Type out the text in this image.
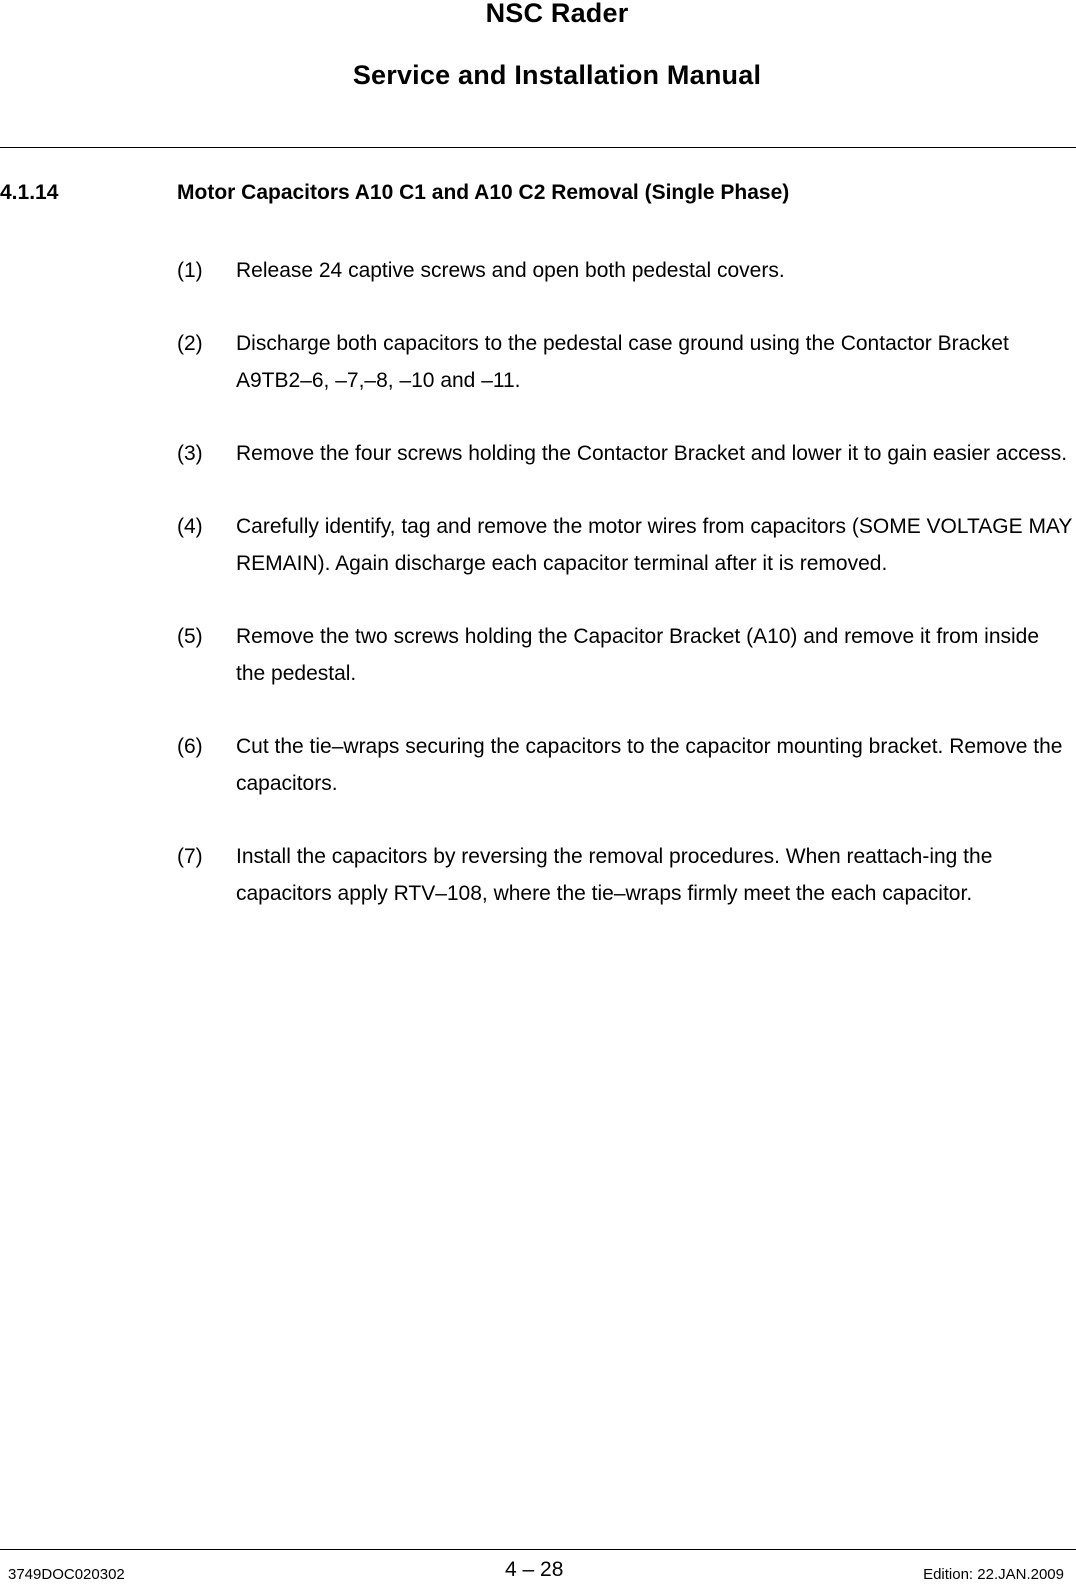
NSC Rader
Service and Installation Manual
4.1.14	Motor Capacitors A10 C1 and A10 C2 Removal (Single Phase)
(1) Release 24 captive screws and open both pedestal covers.
(2) Discharge both capacitors to the pedestal case ground using the Contactor Bracket A9TB2–6, –7,–8, –10 and –11.
(3) Remove the four screws holding the Contactor Bracket and lower it to gain easier access.
(4) Carefully identify, tag and remove the motor wires from capacitors (SOME VOLTAGE MAY REMAIN). Again discharge each capacitor terminal after it is removed.
(5) Remove the two screws holding the Capacitor Bracket (A10) and remove it from inside the pedestal.
(6) Cut the tie–wraps securing the capacitors to the capacitor mounting bracket. Remove the capacitors.
(7) Install the capacitors by reversing the removal procedures. When reattach-ing the capacitors apply RTV–108, where the tie–wraps firmly meet the each capacitor.
3749DOC020302	4 – 28	Edition: 22.JAN.2009
